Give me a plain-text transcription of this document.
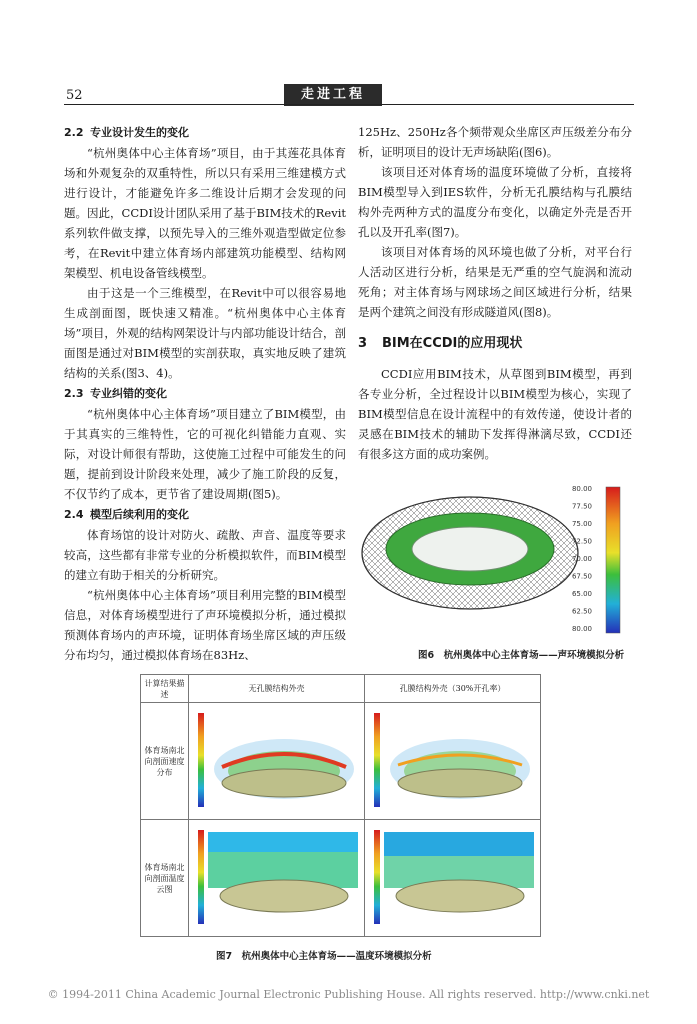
52	走进工程
2.2 专业设计发生的变化

“杭州奥体中心主体育场”项目，由于其莲花具体育场和外观复杂的双重特性，所以只有采用三维建模方式进行设计，才能避免许多二维设计后期才会发现的问题。因此，CCDI设计团队采用了基于BIM技术的Revit系列软件做支撑，以预先导入的三维外观造型做定位参考，在Revit中建立体育场内部建筑功能模型、结构网架模型、机电设备管线模型。

由于这是一个三维模型，在Revit中可以很容易地生成剖面图，既快速又精准。“杭州奥体中心主体育场”项目，外观的结构网架设计与内部功能设计结合，剖面图是通过对BIM模型的实剖获取，真实地反映了建筑结构的关系(图3、4)。

2.3 专业纠错的变化

“杭州奥体中心主体育场”项目建立了BIM模型，由于其真实的三维特性，它的可视化纠错能力直观、实际，对设计师很有帮助，这使施工过程中可能发生的问题，提前到设计阶段来处理，减少了施工阶段的反复，不仅节约了成本，更节省了建设周期(图5)。

2.4 模型后续利用的变化

体育场馆的设计对防火、疏散、声音、温度等要求较高，这些都有非常专业的分析模拟软件，而BIM模型的建立有助于相关的分析研究。

“杭州奥体中心主体育场”项目利用完整的BIM模型信息，对体育场模型进行了声环境模拟分析，通过模拟预测体育场内的声环境，证明体育场坐席区域的声压级分布均匀，通过模拟体育场在83Hz、

125Hz、250Hz各个频带观众坐席区声压级差分布分析，证明项目的设计无声场缺陷(图6)。

该项目还对体育场的温度环境做了分析，直接将BIM模型导入到IES软件，分析无孔膜结构与孔膜结构外壳两种方式的温度分布变化，以确定外壳是否开孔以及开孔率(图7)。

该项目对体育场的风环境也做了分析，对平台行人活动区进行分析，结果是无严重的空气旋涡和流动死角；对主体育场与网球场之间区域进行分析，结果是两个建筑之间没有形成隧道风(图8)。

3 BIM在CCDI的应用现状

CCDI应用BIM技术，从草图到BIM模型，再到各专业分析，全过程设计以BIM模型为核心，实现了BIM模型信息在设计流程中的有效传递，使设计者的灵感在BIM技术的辅助下发挥得淋漓尽致，CCDI还有很多这方面的成功案例。

80.00
77.50
75.00
72.50
70.00
67.50
65.00
62.50
80.00
图6　杭州奥体中心主体育场——声环境模拟分析
计算结果描述	无孔膜结构外壳	孔膜结构外壳（30%开孔率）
体育场南北向剖面速度分布		
体育场南北向剖面温度云图		
图7　杭州奥体中心主体育场——温度环境模拟分析
© 1994-2011 China Academic Journal Electronic Publishing House. All rights reserved. http://www.cnki.net
